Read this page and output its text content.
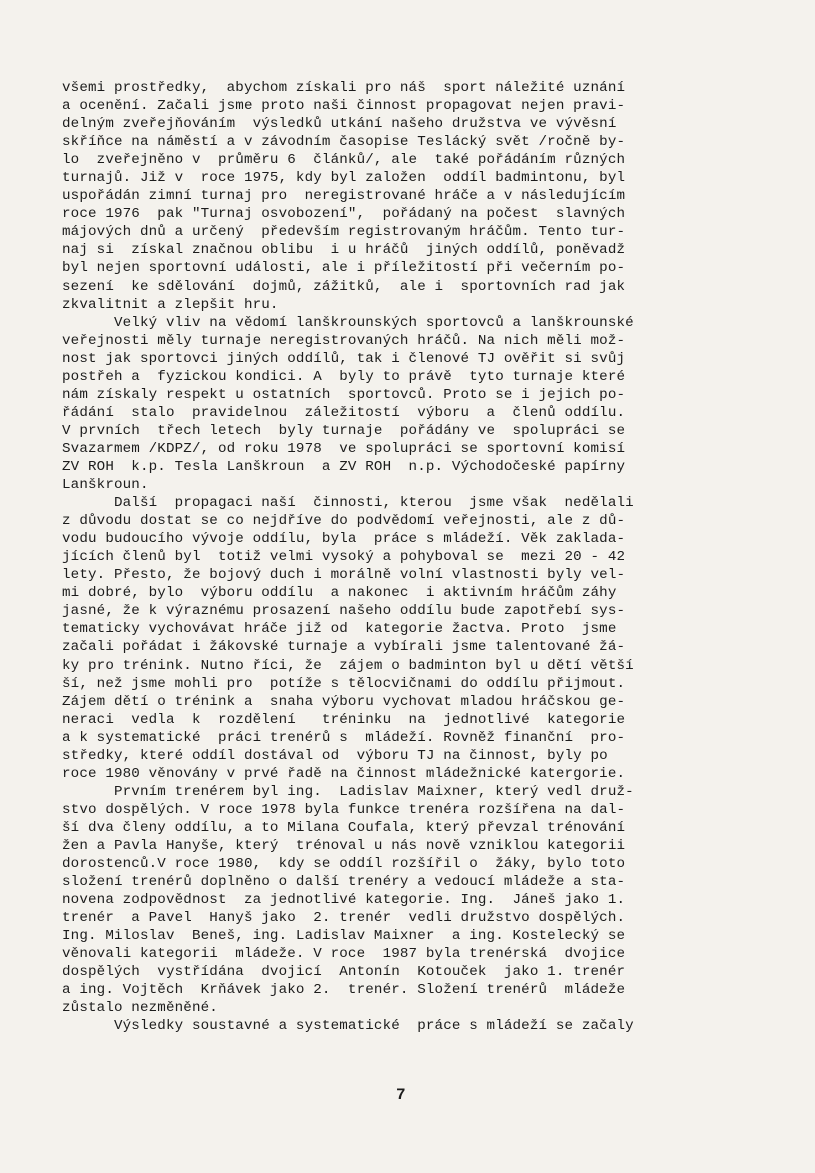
všemi prostředky,  abychom získali pro náš  sport náležité uznání
a ocenění. Začali jsme proto naši činnost propagovat nejen pravi-
delným zveřejňováním  výsledků utkání našeho družstva ve vývěsní
skříňce na náměstí a v závodním časopise Teslácký svět /ročně by-
lo  zveřejněno v  průměru 6  článků/, ale  také pořádáním různých
turnajů. Již v  roce 1975, kdy byl založen  oddíl badmintonu, byl
uspořádán zimní turnaj pro  neregistrované hráče a v následujícím
roce 1976  pak "Turnaj osvobození",  pořádaný na počest  slavných
májových dnů a určený  především registrovaným hráčům. Tento tur-
naj si  získal značnou oblibu  i u hráčů  jiných oddílů, poněvadž
byl nejen sportovní události, ale i příležitostí při večerním po-
sezení  ke sdělování  dojmů, zážitků,  ale i  sportovních rad jak
zkvalitnit a zlepšit hru.
Velký vliv na vědomí lanškrounských sportovců a lanškrounské
veřejnosti měly turnaje neregistrovaných hráčů. Na nich měli mož-
nost jak sportovci jiných oddílů, tak i členové TJ ověřit si svůj
postřeh a  fyzickou kondici. A  byly to právě  tyto turnaje které
nám získaly respekt u ostatních  sportovců. Proto se i jejich po-
řádání  stalo  pravidelnou  záležitostí  výboru  a  členů oddílu.
V prvních  třech letech  byly turnaje  pořádány ve  spolupráci se
Svazarmem /KDPZ/, od roku 1978  ve spolupráci se sportovní komisí
ZV ROH  k.p. Tesla Lanškroun  a ZV ROH  n.p. Východočeské papírny
Lanškroun.
Další  propagaci naší  činnosti, kterou  jsme však  nedělali
z důvodu dostat se co nejdříve do podvědomí veřejnosti, ale z dů-
vodu budoucího vývoje oddílu, byla  práce s mládeží. Věk zaklada-
jících členů byl  totiž velmi vysoký a pohyboval se  mezi 20 - 42
lety. Přesto, že bojový duch i morálně volní vlastnosti byly vel-
mi dobré, bylo  výboru oddílu  a nakonec  i aktivním hráčům záhy
jasné, že k výraznému prosazení našeho oddílu bude zapotřebí sys-
tematicky vychovávat hráče již od  kategorie žactva. Proto  jsme
začali pořádat i žákovské turnaje a vybírali jsme talentované žá-
ky pro trénink. Nutno říci, že  zájem o badminton byl u dětí větší
ší, než jsme mohli pro  potíže s tělocvičnami do oddílu přijmout.
Zájem dětí o trénink a  snaha výboru vychovat mladou hráčskou ge-
neraci  vedla  k  rozdělení   tréninku  na  jednotlivé  kategorie
a k systematické  práci trenérů s  mládeží. Rovněž finanční  pro-
středky, které oddíl dostával od  výboru TJ na činnost, byly po
roce 1980 věnovány v prvé řadě na činnost mládežnické katergorie.
Prvním trenérem byl ing.  Ladislav Maixner, který vedl druž-
stvo dospělých. V roce 1978 byla funkce trenéra rozšířena na dal-
ší dva členy oddílu, a to Milana Coufala, který převzal trénování
žen a Pavla Hanyše, který  trénoval u nás nově vzniklou kategorii
dorostenců.V roce 1980,  kdy se oddíl rozšířil o  žáky, bylo toto
složení trenérů doplněno o další trenéry a vedoucí mládeže a sta-
novena zodpovědnost  za jednotlivé kategorie. Ing.  Jáneš jako 1.
trenér  a Pavel  Hanyš jako  2. trenér  vedli družstvo dospělých.
Ing. Miloslav  Beneš, ing. Ladislav Maixner  a ing. Kostelecký se
věnovali kategorii  mládeže. V roce  1987 byla trenérská  dvojice
dospělých  vystřídána  dvojicí  Antonín  Kotouček  jako 1. trenér
a ing. Vojtěch  Krňávek jako 2.  trenér. Složení trenérů  mládeže
zůstalo nezměněné.
Výsledky soustavné a systematické  práce s mládeží se začaly
7
